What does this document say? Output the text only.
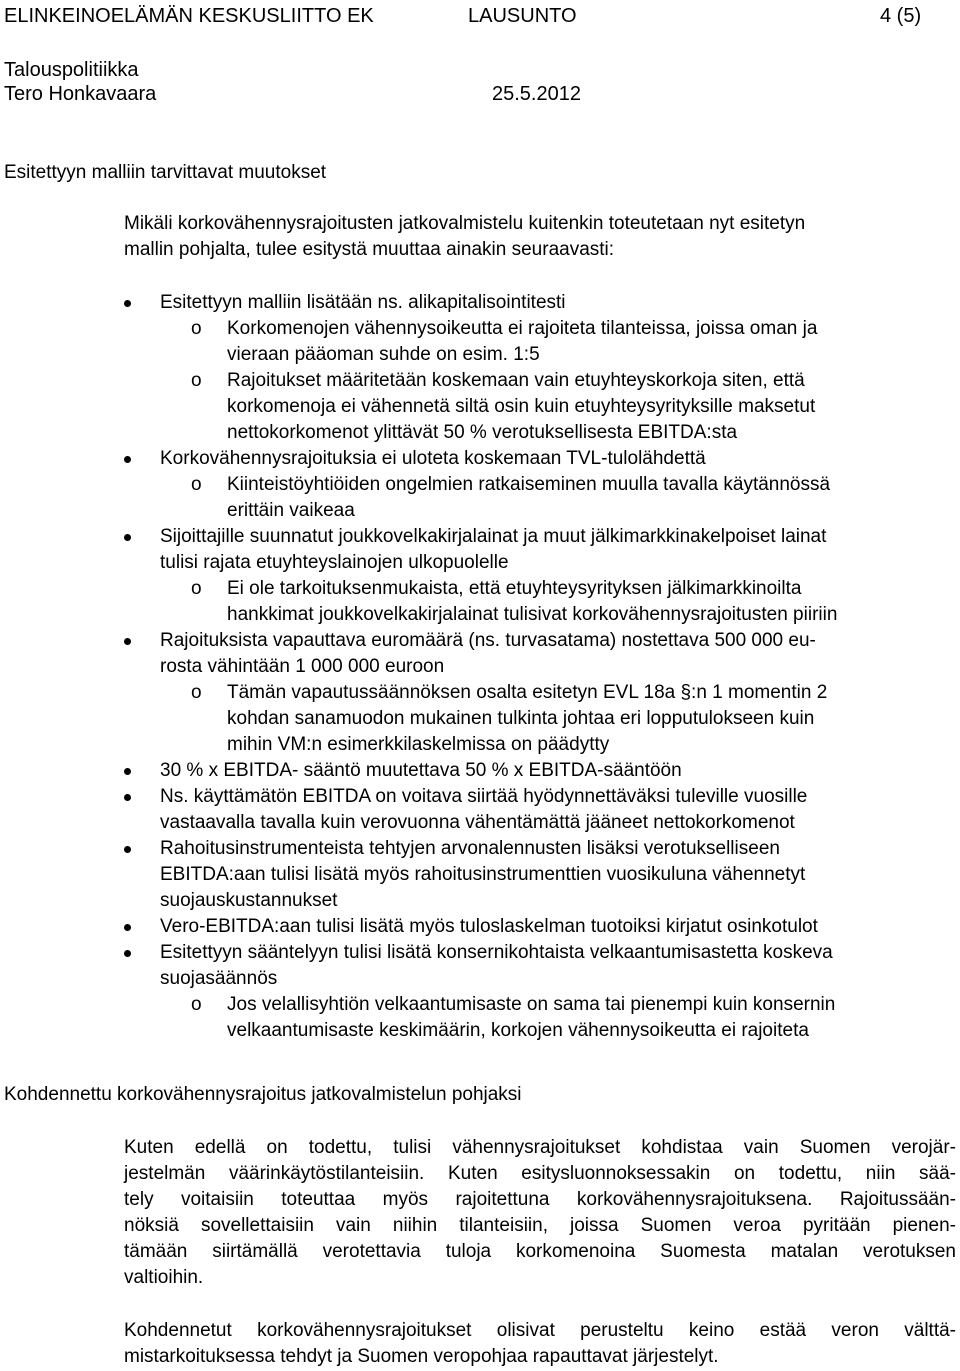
ELINKEINOELÄMÄN KESKUSLIITTO EK	LAUSUNTO	4 (5)
Talouspolitiikka
Tero Honkavaara	25.5.2012
Esitettyyn malliin tarvittavat muutokset

Mikäli korkovähennysrajoitusten jatkovalmistelu kuitenkin toteutetaan nyt esitetyn
mallin pohjalta, tulee esitystä muuttaa ainakin seuraavasti:

Esitettyyn malliin lisätään ns. alikapitalisointitesti
o Korkomenojen vähennysoikeutta ei rajoiteta tilanteissa, joissa oman ja
vieraan pääoman suhde on esim. 1:5
o Rajoitukset määritetään koskemaan vain etuyhteyskorkoja siten, että
korkomenoja ei vähennetä siltä osin kuin etuyhteysyrityksille maksetut
nettokorkomenot ylittävät 50 % verotuksellisesta EBITDA:sta
Korkovähennysrajoituksia ei uloteta koskemaan TVL-tulolähdettä
o Kiinteistöyhtiöiden ongelmien ratkaiseminen muulla tavalla käytännössä
erittäin vaikeaa
Sijoittajille suunnatut joukkovelkakirjalainat ja muut jälkimarkkinakelpoiset lainat
tulisi rajata etuyhteyslainojen ulkopuolelle
o Ei ole tarkoituksenmukaista, että etuyhteysyrityksen jälkimarkkinoilta
hankkimat joukkovelkakirjalainat tulisivat korkovähennysrajoitusten piiriin
Rajoituksista vapauttava euromäärä (ns. turvasatama) nostettava 500 000 eu-
rosta vähintään 1 000 000 euroon
o Tämän vapautussäännöksen osalta esitetyn EVL 18a §:n 1 momentin 2
kohdan sanamuodon mukainen tulkinta johtaa eri lopputulokseen kuin
mihin VM:n esimerkkilaskelmissa on päädytty
30 % x EBITDA- sääntö muutettava 50 % x EBITDA-sääntöön
Ns. käyttämätön EBITDA on voitava siirtää hyödynnettäväksi tuleville vuosille
vastaavalla tavalla kuin verovuonna vähentämättä jääneet nettokorkomenot
Rahoitusinstrumenteista tehtyjen arvonalennusten lisäksi verotukselliseen
EBITDA:aan tulisi lisätä myös rahoitusinstrumenttien vuosikuluna vähennetyt
suojauskustannukset
Vero-EBITDA:aan tulisi lisätä myös tuloslaskelman tuotoiksi kirjatut osinkotulot
Esitettyyn sääntelyyn tulisi lisätä konsernikohtaista velkaantumisastetta koskeva
suojasäännös
o Jos velallisyhtiön velkaantumisaste on sama tai pienempi kuin konsernin
velkaantumisaste keskimäärin, korkojen vähennysoikeutta ei rajoiteta
Kohdennettu korkovähennysrajoitus jatkovalmistelun pohjaksi
Kuten edellä on todettu, tulisi vähennysrajoitukset kohdistaa vain Suomen verojär-
jestelmän väärinkäytöstilanteisiin. Kuten esitysluonnoksessakin on todettu, niin sää-
tely voitaisiin toteuttaa myös rajoitettuna korkovähennysrajoituksena. Rajoitussään-
nöksiä sovellettaisiin vain niihin tilanteisiin, joissa Suomen veroa pyritään pienen-
tämään siirtämällä verotettavia tuloja korkomenoina Suomesta matalan verotuksen
valtioihin.
Kohdennetut korkovähennysrajoitukset olisivat perusteltu keino estää veron välttä-
mistarkoituksessa tehdyt ja Suomen veropohjaa rapauttavat järjestelyt.
